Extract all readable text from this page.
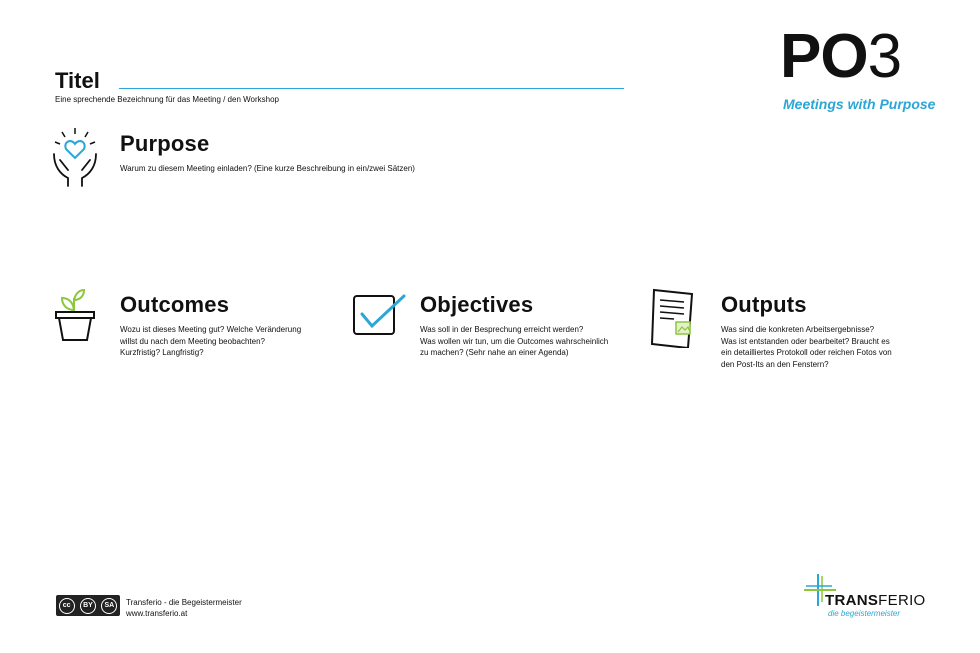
Titel
Eine sprechende Bezeichnung für das Meeting / den Workshop
PO3
Meetings with Purpose
Purpose
Warum zu diesem Meeting einladen? (Eine kurze Beschreibung in ein/zwei Sätzen)
Outcomes
Wozu ist dieses Meeting gut? Welche Veränderung
willst du nach dem Meeting beobachten?
Kurzfristig? Langfristig?
Objectives
Was soll in der Besprechung erreicht werden?
Was wollen wir tun, um die Outcomes wahrscheinlich
zu machen? (Sehr nahe an einer Agenda)
Outputs
Was sind die konkreten Arbeitsergebnisse?
Was ist entstanden oder bearbeitet? Braucht es
ein detailliertes Protokoll oder reichen Fotos von
den Post-Its an den Fenstern?
cc	BY	SA	Transferio - die Begeistermeister
www.transferio.at
TRANSFERIO
die begeistermeister
